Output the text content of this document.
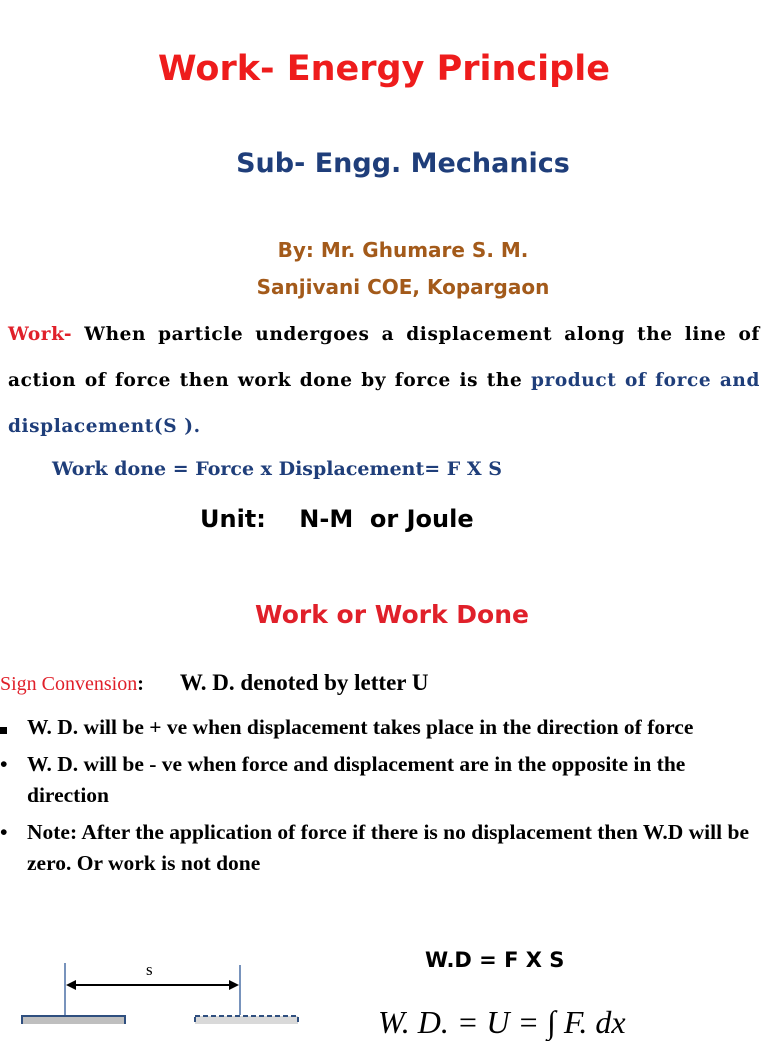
Work- Energy Principle
Sub- Engg. Mechanics
By: Mr. Ghumare S. M.
Sanjivani COE, Kopargaon
Work- When particle undergoes a displacement along the line of action of force then work done by force is the product of force and displacement(S ).
Work done = Force x Displacement= F X S
Unit:    N-M  or Joule
Work or Work Done
Sign Convension: W. D. denoted by letter U
W. D. will be + ve when displacement takes place in the direction of force
• W. D. will be - ve when force and displacement are in the opposite in the direction
• Note: After the application of force if there is no displacement then W.D will be zero. Or work is not done
s	W.D = F X S
W. D. = U = ∫ F. dx
